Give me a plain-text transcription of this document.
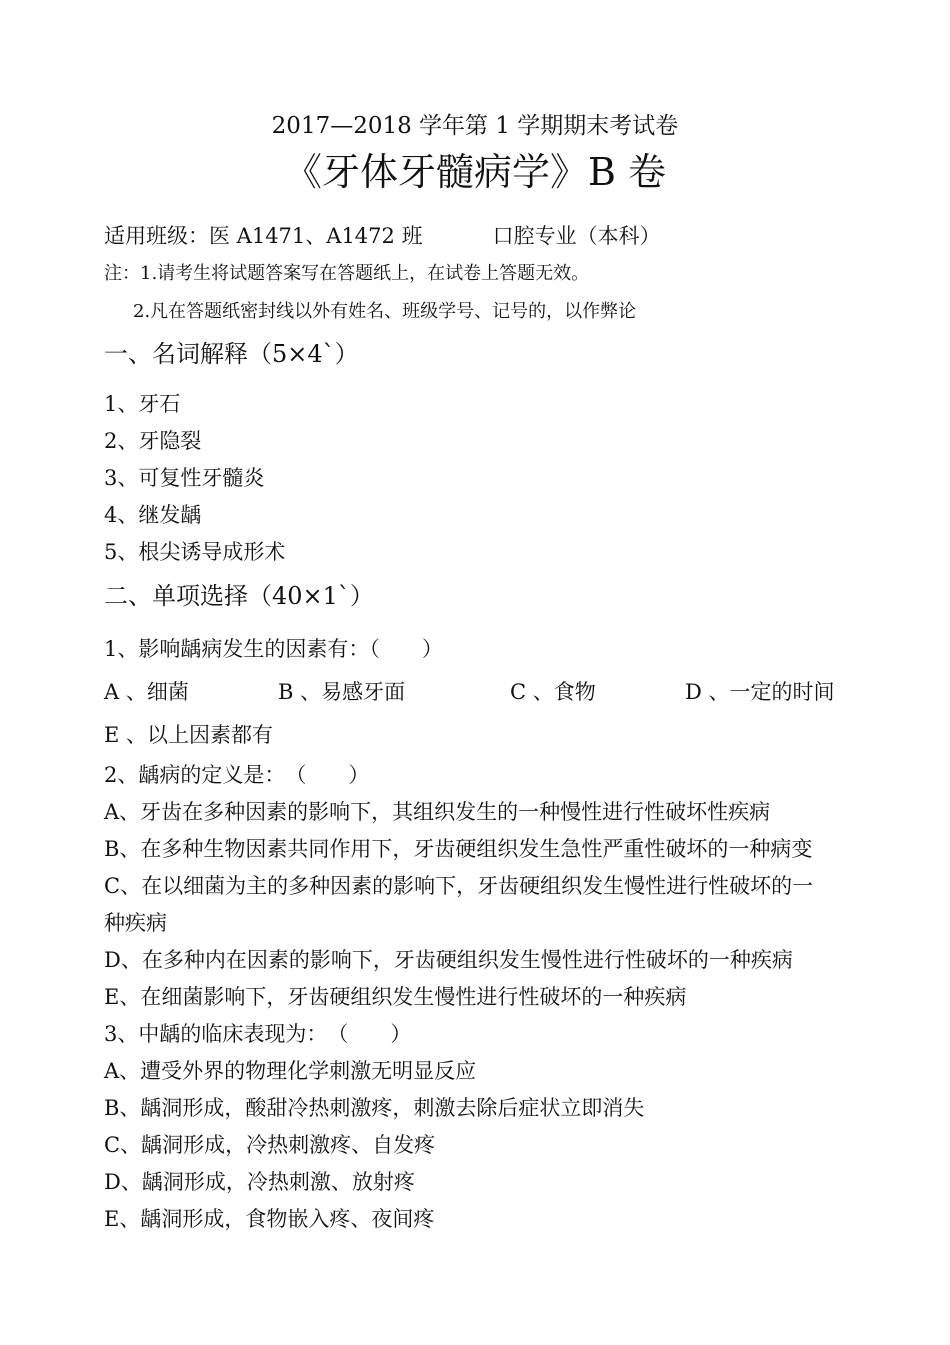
2017—2018 学年第 1 学期期末考试卷
《牙体牙髓病学》B 卷
适用班级：医 A1471、A1472 班	口腔专业（本科）
注：1.请考生将试题答案写在答题纸上，在试卷上答题无效。
2.凡在答题纸密封线以外有姓名、班级学号、记号的，以作弊论
一、名词解释（5×4`）
1、牙石
2、牙隐裂
3、可复性牙髓炎
4、继发龋
5、根尖诱导成形术
二、单项选择（40×1`）
1、影响龋病发生的因素有：（　　）
A 、细菌	B 、易感牙面	C 、食物	D 、一定的时间
E 、以上因素都有
2、龋病的定义是：　（　　）
A、牙齿在多种因素的影响下，其组织发生的一种慢性进行性破坏性疾病
B、在多种生物因素共同作用下，牙齿硬组织发生急性严重性破坏的一种病变
C、在以细菌为主的多种因素的影响下，牙齿硬组织发生慢性进行性破坏的一
种疾病
D、在多种内在因素的影响下，牙齿硬组织发生慢性进行性破坏的一种疾病
E、在细菌影响下，牙齿硬组织发生慢性进行性破坏的一种疾病
3、中龋的临床表现为：　（　　）
A、遭受外界的物理化学刺激无明显反应
B、龋洞形成，酸甜冷热刺激疼，刺激去除后症状立即消失
C、龋洞形成，冷热刺激疼、自发疼
D、龋洞形成，冷热刺激、放射疼
E、龋洞形成，食物嵌入疼、夜间疼
